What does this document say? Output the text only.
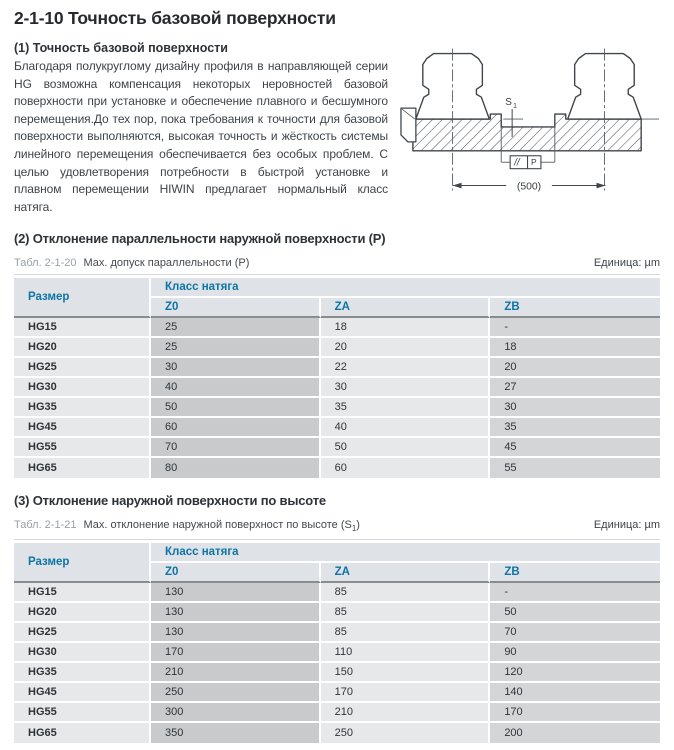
2-1-10 Точность базовой поверхности
(1) Точность базовой поверхности
Благодаря полукруглому дизайну профиля в направляющей серии HG возможна компенсация некоторых неровностей базовой поверхности при установке и обеспечение плавного и бесшумного перемещения.До тех пор, пока требования к точности для базовой поверхности выполняются, высокая точность и жёсткость системы линейного перемещения обеспечивается без особых проблем. С целью удовлетворения потребности в быстрой установке и плавном перемещении HIWIN предлагает нормальный класс натяга.
S 1
// P
(500)
(2) Отклонение параллельности наружной поверхности (P)
Табл. 2-1-20 Мах. допуск параллельности (P)	Единица: µm
Размер	Класс натяга		
	Z0	ZA	ZB
HG15	25	18	-
HG20	25	20	18
HG25	30	22	20
HG30	40	30	27
HG35	50	35	30
HG45	60	40	35
HG55	70	50	45
HG65	80	60	55
(3) Отклонение наружной поверхности по высоте
Табл. 2-1-21 Мах. отклонение наружной поверхност по высоте $(S_1)$	Единица: µm
Размер	Класс натяга		
	Z0	ZA	ZB
HG15	130	85	-
HG20	130	85	50
HG25	130	85	70
HG30	170	110	90
HG35	210	150	120
HG45	250	170	140
HG55	300	210	170
HG65	350	250	200
